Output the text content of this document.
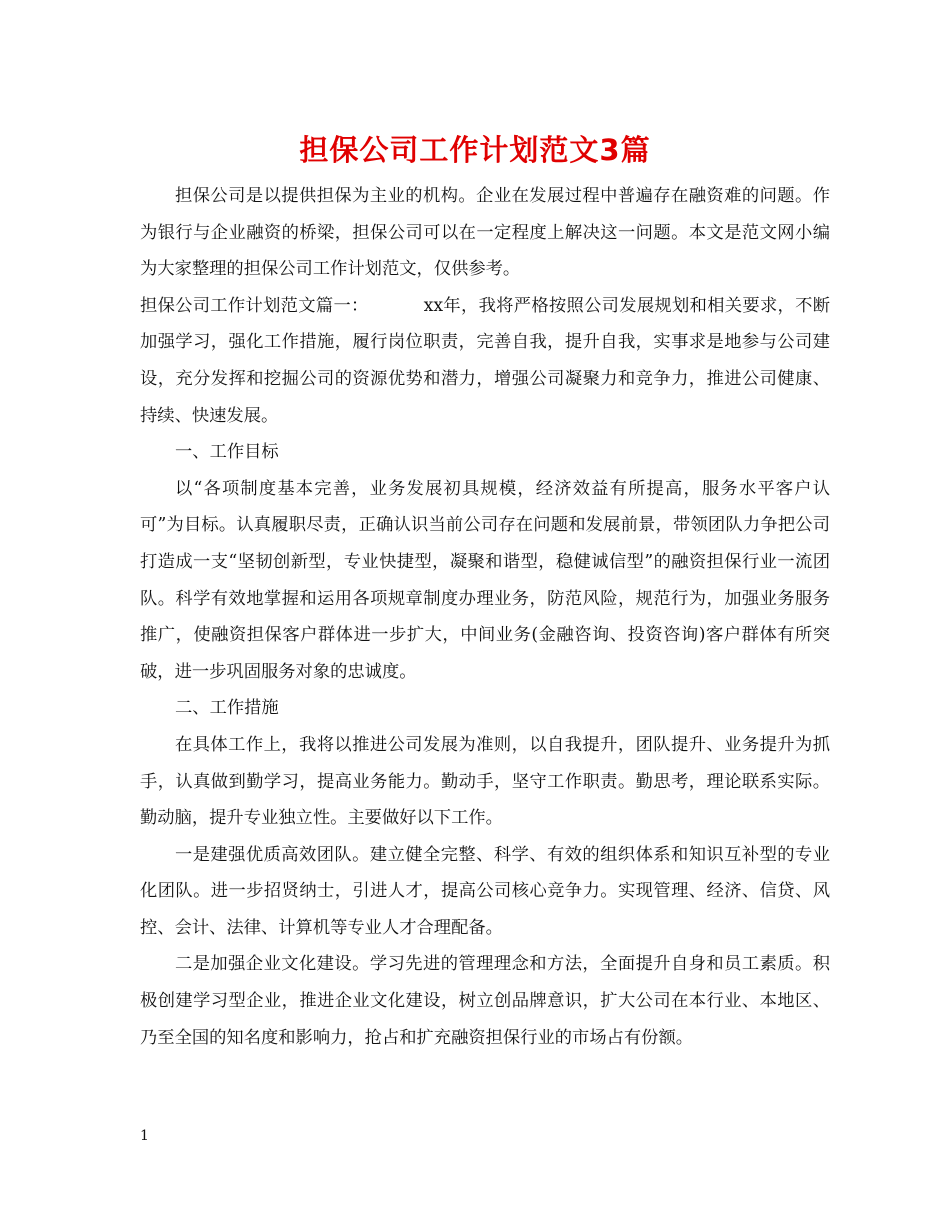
担保公司工作计划范文3篇

担保公司是以提供担保为主业的机构。企业在发展过程中普遍存在融资难的问题。作为银行与企业融资的桥梁，担保公司可以在一定程度上解决这一问题。本文是范文网小编为大家整理的担保公司工作计划范文，仅供参考。

担保公司工作计划范文篇一：	xx年，我将严格按照公司发展规划和相关要求，不断加强学习，强化工作措施，履行岗位职责，完善自我，提升自我，实事求是地参与公司建设，充分发挥和挖掘公司的资源优势和潜力，增强公司凝聚力和竞争力，推进公司健康、持续、快速发展。

一、工作目标

以“各项制度基本完善，业务发展初具规模，经济效益有所提高，服务水平客户认可”为目标。认真履职尽责，正确认识当前公司存在问题和发展前景，带领团队力争把公司打造成一支“坚韧创新型，专业快捷型，凝聚和谐型，稳健诚信型”的融资担保行业一流团队。科学有效地掌握和运用各项规章制度办理业务，防范风险，规范行为，加强业务服务推广，使融资担保客户群体进一步扩大，中间业务(金融咨询、投资咨询)客户群体有所突破，进一步巩固服务对象的忠诚度。

二、工作措施

在具体工作上，我将以推进公司发展为准则，以自我提升，团队提升、业务提升为抓手，认真做到勤学习，提高业务能力。勤动手，坚守工作职责。勤思考，理论联系实际。勤动脑，提升专业独立性。主要做好以下工作。

一是建强优质高效团队。建立健全完整、科学、有效的组织体系和知识互补型的专业化团队。进一步招贤纳士，引进人才，提高公司核心竞争力。实现管理、经济、信贷、风控、会计、法律、计算机等专业人才合理配备。

二是加强企业文化建设。学习先进的管理理念和方法，全面提升自身和员工素质。积极创建学习型企业，推进企业文化建设，树立创品牌意识，扩大公司在本行业、本地区、乃至全国的知名度和影响力，抢占和扩充融资担保行业的市场占有份额。

1
